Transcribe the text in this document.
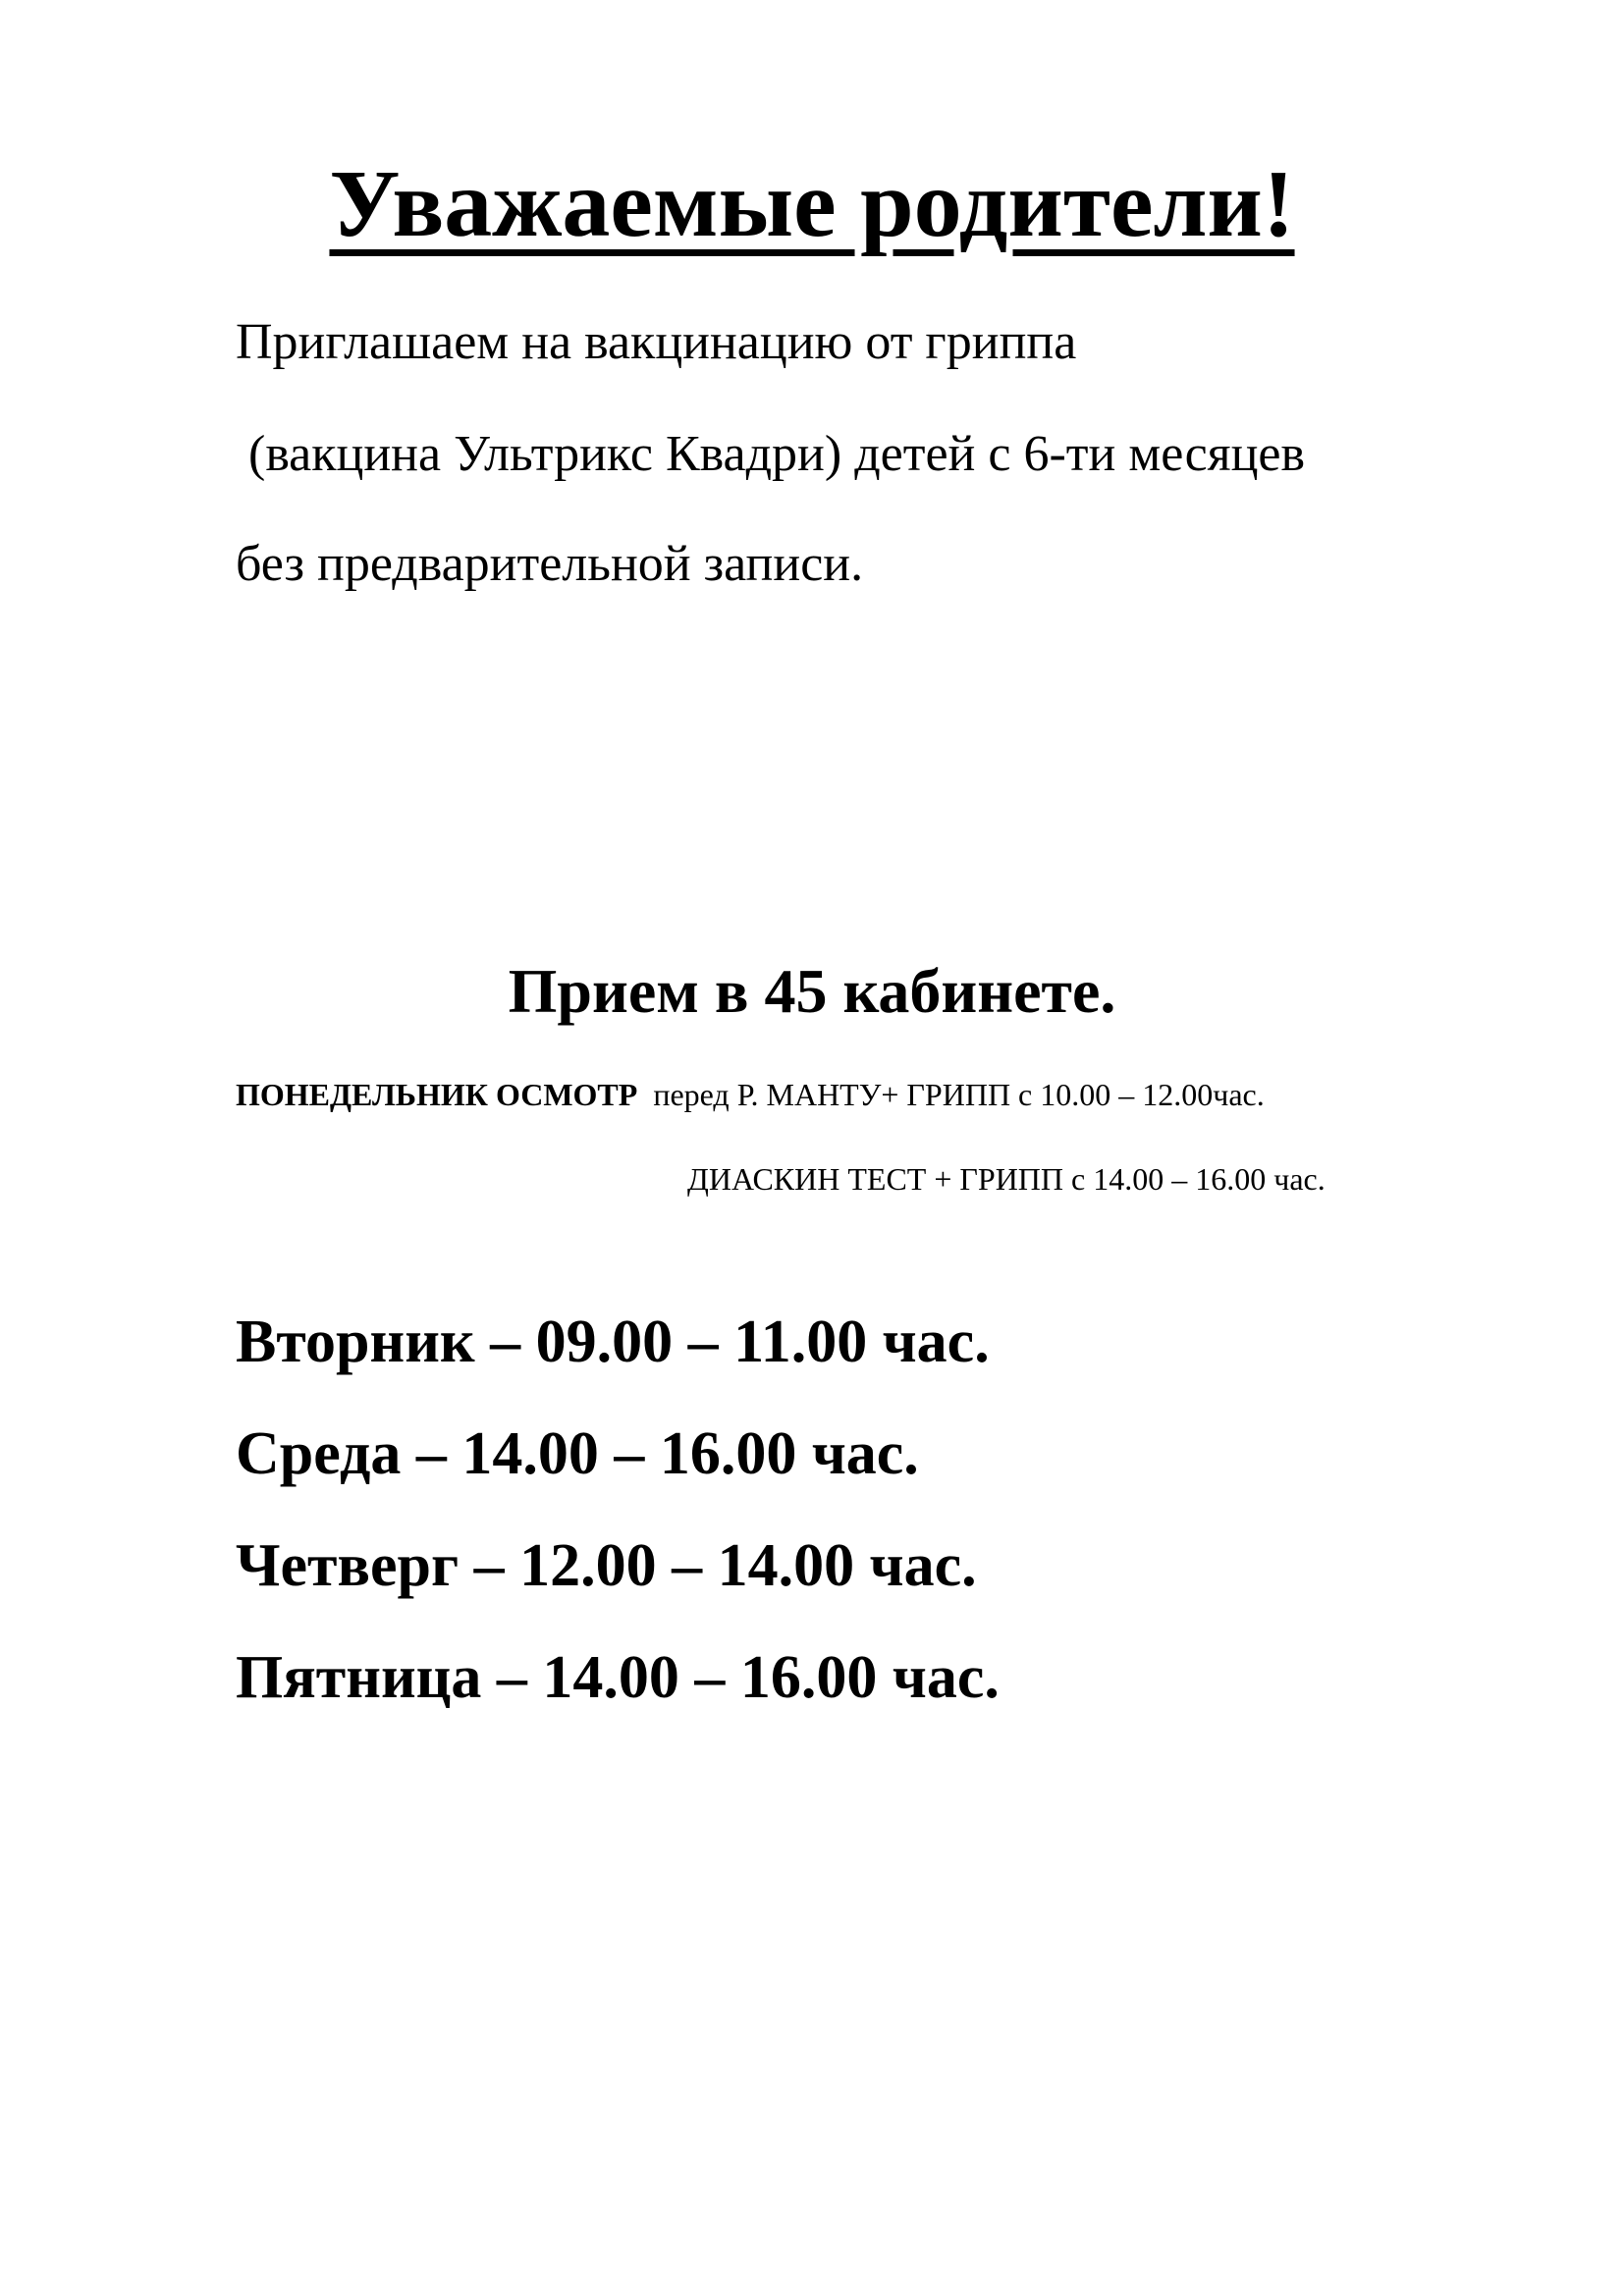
Уважаемые родители!
Приглашаем на вакцинацию от гриппа
(вакцина Ультрикс Квадри) детей с 6-ти месяцев
без предварительной записи.
Прием в 45 кабинете.
ПОНЕДЕЛЬНИК ОСМОТР перед Р. МАНТУ+ ГРИПП с 10.00 – 12.00час.
ДИАСКИН ТЕСТ + ГРИПП с 14.00 – 16.00 час.
Вторник – 09.00 – 11.00 час.
Среда – 14.00 – 16.00 час.
Четверг – 12.00 – 14.00 час.
Пятница – 14.00 – 16.00 час.
